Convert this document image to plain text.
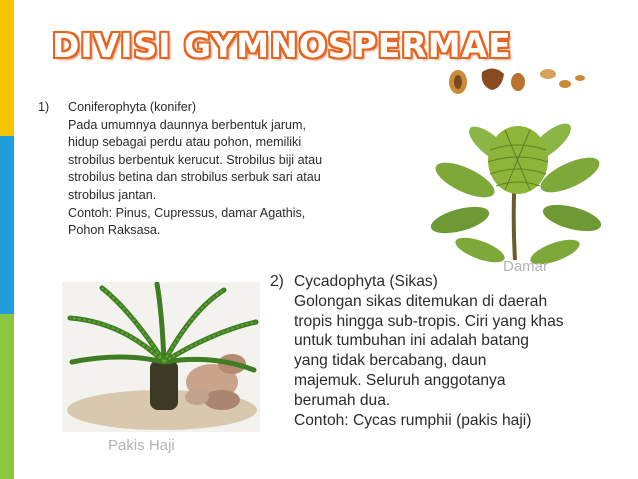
DIVISI GYMNOSPERMAE
1)	Coniferophyta (konifer)
Pada umumnya daunnya berbentuk jarum,
hidup sebagai perdu atau pohon, memiliki
strobilus berbentuk kerucut. Strobilus biji atau
strobilus betina dan strobilus serbuk sari atau
strobilus jantan.
Contoh: Pinus, Cupressus, damar Agathis,
Pohon Raksasa.
Damar
Pakis Haji
2) Cycadophyta (Sikas)
Golongan sikas ditemukan di daerah
tropis hingga sub-tropis. Ciri yang khas
untuk tumbuhan ini adalah batang
yang tidak bercabang, daun
majemuk. Seluruh anggotanya
berumah dua.
Contoh: Cycas rumphii (pakis haji)
